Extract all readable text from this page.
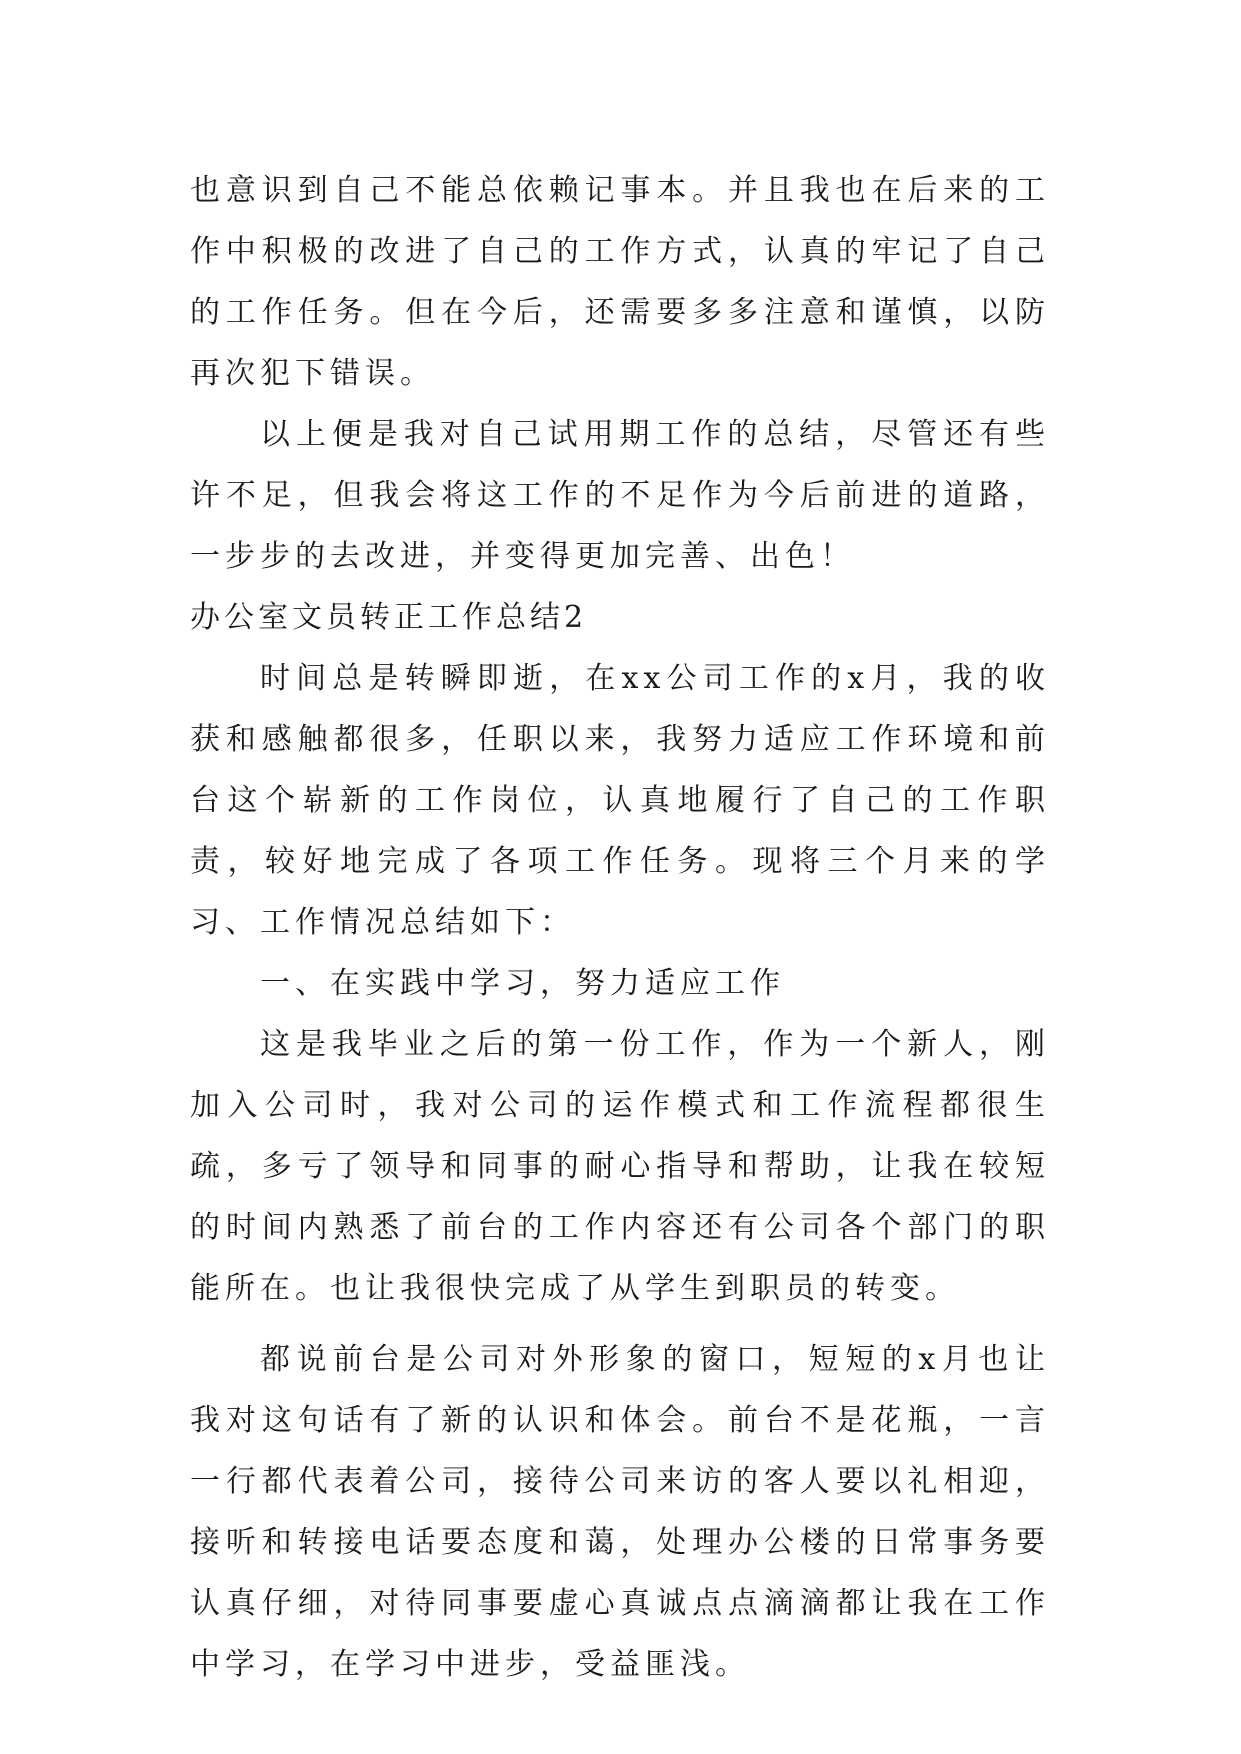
也意识到自己不能总依赖记事本。并且我也在后来的工作中积极的改进了自己的工作方式，认真的牢记了自己的工作任务。但在今后，还需要多多注意和谨慎，以防再次犯下错误。

以上便是我对自己试用期工作的总结，尽管还有些许不足，但我会将这工作的不足作为今后前进的道路，一步步的去改进，并变得更加完善、出色！

办公室文员转正工作总结2

时间总是转瞬即逝，在xx公司工作的x月，我的收获和感触都很多，任职以来，我努力适应工作环境和前台这个崭新的工作岗位，认真地履行了自己的工作职责，较好地完成了各项工作任务。现将三个月来的学习、工作情况总结如下：

一、在实践中学习，努力适应工作

这是我毕业之后的第一份工作，作为一个新人，刚加入公司时，我对公司的运作模式和工作流程都很生疏，多亏了领导和同事的耐心指导和帮助，让我在较短的时间内熟悉了前台的工作内容还有公司各个部门的职能所在。也让我很快完成了从学生到职员的转变。

都说前台是公司对外形象的窗口，短短的x月也让我对这句话有了新的认识和体会。前台不是花瓶，一言一行都代表着公司，接待公司来访的客人要以礼相迎，接听和转接电话要态度和蔼，处理办公楼的日常事务要认真仔细，对待同事要虚心真诚点点滴滴都让我在工作中学习，在学习中进步，受益匪浅。
